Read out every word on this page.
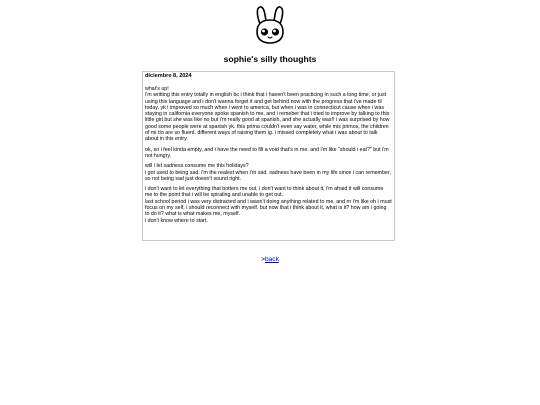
sophie's silly thoughts
diciembre 8, 2024

what's up!
i'm writting this entry totally in english bc i think that i haven't been practicing in such a long time, or just using this language and i don't wanna forget it and get behind now with the progress that i've made til today. yk i improved so much when i went to america, but when i was in connecticut cause when i was staying in california everyone spoke spanish to me, and i remeber that i tried to improve by talking to this little girl but she was like no but i'm really good at spanish, and she actually was!! i was surprised by how good some people were at spanish yk. this prima couldn't even say water, while mis primos, the children of mi tío are so fluent. different ways of raising them ig. i missed completely what i was about to talk about in this entry.

ok, so i feel kinda empty, and i have the need to fill a void that's in me. and i'm like "should i eat?" but i'm not hungry.

will i let sadness consume me this holidays?
i got used to being sad. i'm the realest when i'm sad. sadness have been in my life since i can remember, so not being sad just doesn't sound right.

i don't want to let everything that botters me out, i don't want to think about it, i'm afraid it will consume me to the point that i will be spiraling and unable to get out.
last school period i was very distracted and i wasn't doing anything related to me. and rn i'm like oh i must focus on my self, i should reconnect with myself. but now that i think about it, what is it? how am i going to do it? what is what makes me, myself.
i don't know where to start.

>back
